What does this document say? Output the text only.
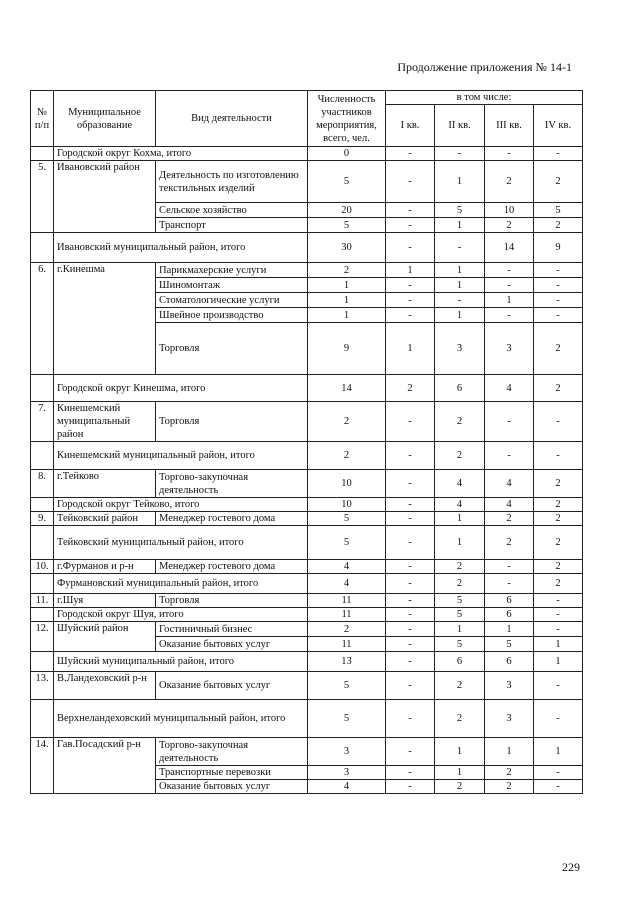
Продолжение приложения № 14-1
№ п/п	Муниципальное образование	Вид деятельности	Численность участников мероприятия, всего, чел.	в том числе:			
				I кв.	II кв.	III кв.	IV кв.
	Городской округ Кохма, итого		0	-	-	-	-
5.	Ивановский район	Деятельность по изготовлению текстильных изделий	5	-	1	2	2
		Сельское хозяйство	20	-	5	10	5
		Транспорт	5	-	1	2	2
	Ивановский муниципальный район, итого		30	-	-	14	9
6.	г.Кинешма	Парикмахерские услуги	2	1	1	-	-
		Шиномонтаж	1	-	1	-	-
		Стоматологические услуги	1	-	-	1	-
		Швейное производство	1	-	1	-	-
		Торговля	9	1	3	3	2
	Городской округ Кинешма, итого		14	2	6	4	2
7.	Кинешемский муниципальный район	Торговля	2	-	2	-	-
	Кинешемский муниципальный район, итого		2	-	2	-	-
8.	г.Тейково	Торгово-закупочная деятельность	10	-	4	4	2
	Городской округ Тейково, итого		10	-	4	4	2
9.	Тейковский район	Менеджер гостевого дома	5	-	1	2	2
	Тейковский муниципальный район, итого		5	-	1	2	2
10.	г.Фурманов и р-н	Менеджер гостевого дома	4	-	2	-	2
	Фурмановский муниципальный район, итого		4	-	2	-	2
11.	г.Шуя	Торговля	11	-	5	6	-
	Городской округ Шуя, итого		11	-	5	6	-
12.	Шуйский район	Гостиничный бизнес	2	-	1	1	-
		Оказание бытовых услуг	11	-	5	5	1
	Шуйский муниципальный район, итого		13	-	6	6	1
13.	В.Ландеховский р-н	Оказание бытовых услуг	5	-	2	3	-
	Верхнеландеховский муниципальный район, итого		5	-	2	3	-
14.	Гав.Посадский р-н	Торгово-закупочная деятельность	3	-	1	1	1
		Транспортные перевозки	3	-	1	2	-
		Оказание бытовых услуг	4	-	2	2	-
229
